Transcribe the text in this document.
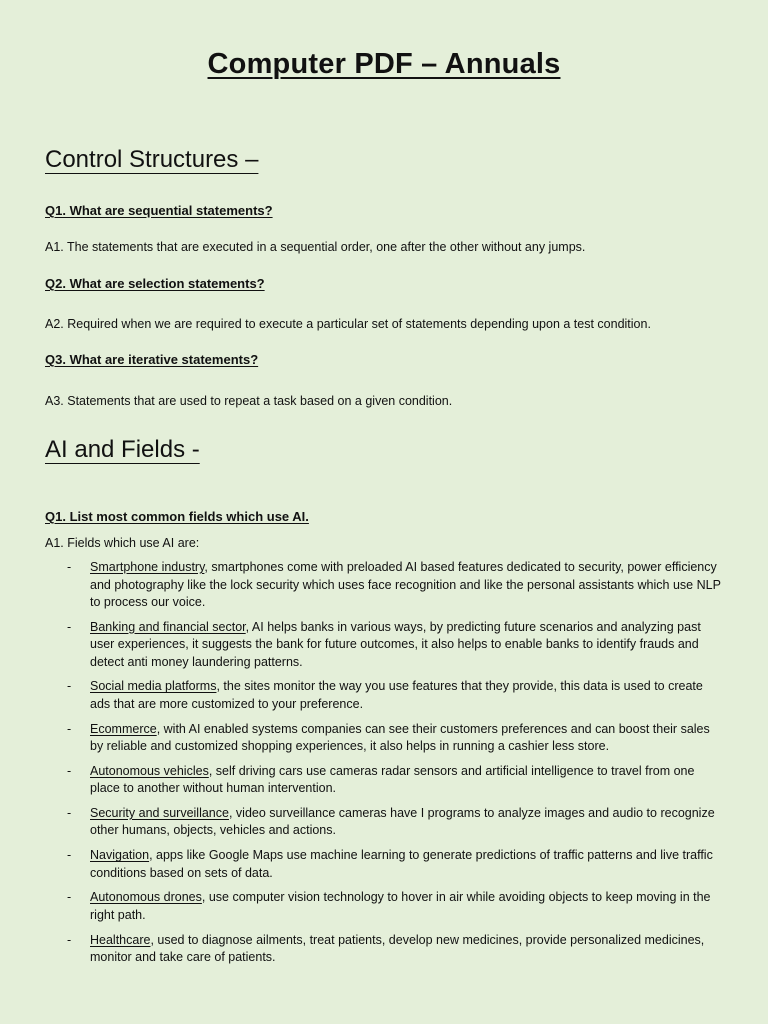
Computer PDF – Annuals
Control Structures –

Q1. What are sequential statements?

A1. The statements that are executed in a sequential order, one after the other without any jumps.

Q2. What are selection statements?

A2. Required when we are required to execute a particular set of statements depending upon a test condition.

Q3. What are iterative statements?

A3. Statements that are used to repeat a task based on a given condition.

AI and Fields -

Q1. List most common fields which use AI.

A1. Fields which use AI are:

- Smartphone industry, smartphones come with preloaded AI based features dedicated to security, power efficiency and photography like the lock security which uses face recognition and like the personal assistants which use NLP to process our voice.
- Banking and financial sector, AI helps banks in various ways, by predicting future scenarios and analyzing past user experiences, it suggests the bank for future outcomes, it also helps to enable banks to identify frauds and detect anti money laundering patterns.
- Social media platforms, the sites monitor the way you use features that they provide, this data is used to create ads that are more customized to your preference.
- Ecommerce, with AI enabled systems companies can see their customers preferences and can boost their sales by reliable and customized shopping experiences, it also helps in running a cashier less store.
- Autonomous vehicles, self driving cars use cameras radar sensors and artificial intelligence to travel from one place to another without human intervention.
- Security and surveillance, video surveillance cameras have I programs to analyze images and audio to recognize other humans, objects, vehicles and actions.
- Navigation, apps like Google Maps use machine learning to generate predictions of traffic patterns and live traffic conditions based on sets of data.
- Autonomous drones, use computer vision technology to hover in air while avoiding objects to keep moving in the right path.
- Healthcare, used to diagnose ailments, treat patients, develop new medicines, provide personalized medicines, monitor and take care of patients.
